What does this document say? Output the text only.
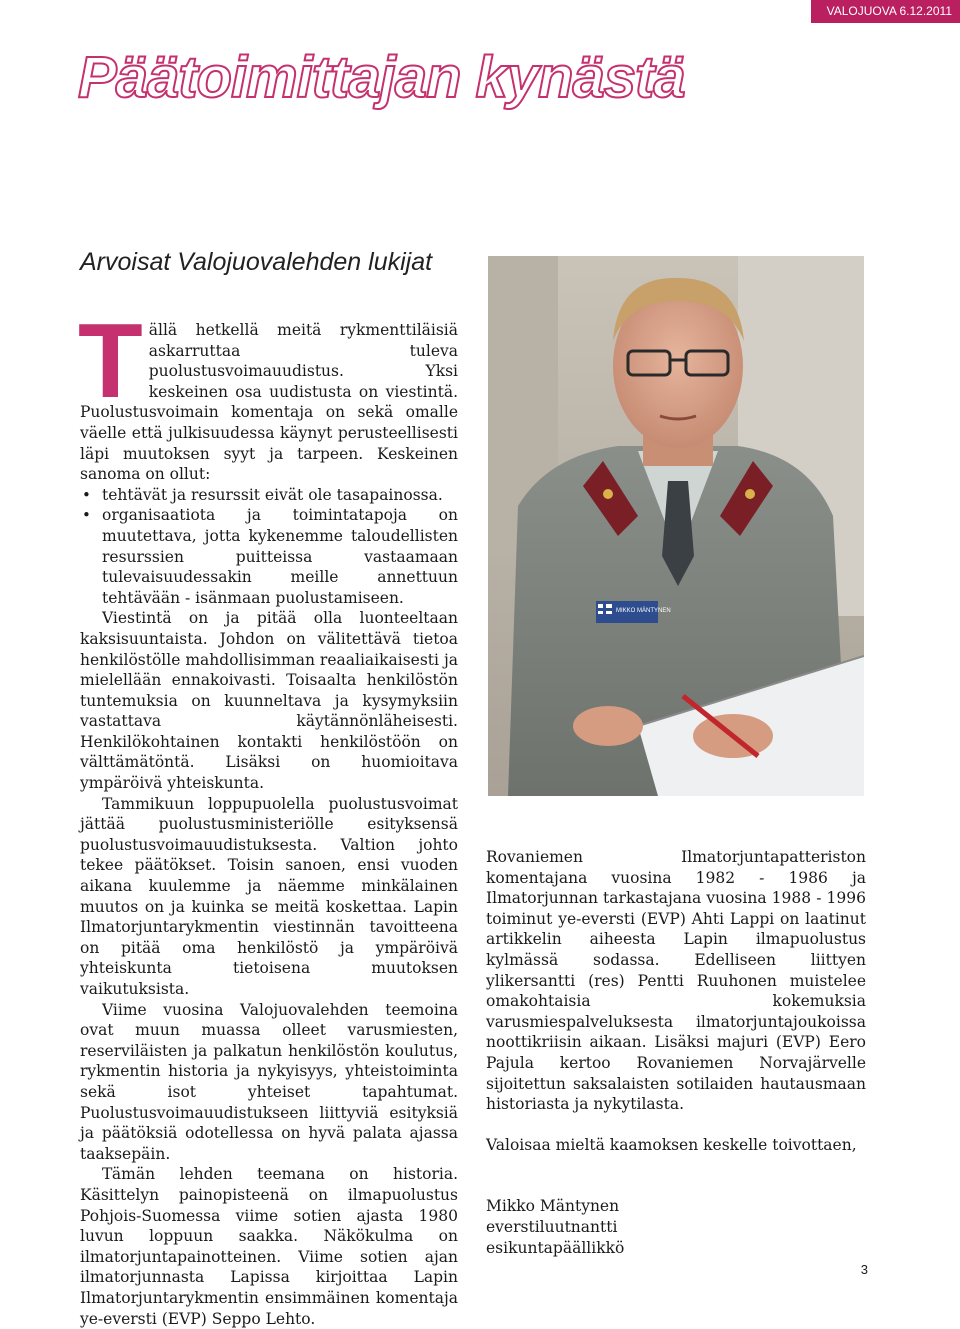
VALOJUOVA 6.12.2011
Päätoimittajan kynästä
Arvoisat Valojuovalehden lukijat

Tällä hetkellä meitä rykmenttiläisiä askarruttaa tuleva puolustusvoimauudistus. Yksi keskeinen osa uudistusta on viestintä. Puolustusvoimain komentaja on sekä omalle väelle että julkisuudessa käynyt perusteellisesti läpi muutoksen syyt ja tarpeen. Keskeinen sanoma on ollut:

• tehtävät ja resurssit eivät ole tasapainossa.

• organisaatiota ja toimintatapoja on muutettava, jotta kykenemme taloudellisten resurssien puitteissa vastaamaan tulevaisuudessakin meille annettuun tehtävään - isänmaan puolustamiseen.

Viestintä on ja pitää olla luonteeltaan kaksisuuntaista. Johdon on välitettävä tietoa henkilöstölle mahdollisimman reaaliaikaisesti ja mielellään ennakoivasti. Toisaalta henkilöstön tuntemuksia on kuunneltava ja kysymyksiin vastattava käytännönläheisesti. Henkilökohtainen kontakti henkilöstöön on välttämätöntä. Lisäksi on huomioitava ympäröivä yhteiskunta.

Tammikuun loppupuolella puolustusvoimat jättää puolustusministeriölle esityksensä puolustusvoimauudistuksesta. Valtion johto tekee päätökset. Toisin sanoen, ensi vuoden aikana kuulemme ja näemme minkälainen muutos on ja kuinka se meitä koskettaa. Lapin Ilmatorjuntarykmentin viestinnän tavoitteena on pitää oma henkilöstö ja ympäröivä yhteiskunta tietoisena muutoksen vaikutuksista.

Viime vuosina Valojuovalehden teemoina ovat muun muassa olleet varusmiesten, reserviläisten ja palkatun henkilöstön koulutus, rykmentin historia ja nykyisyys, yhteistoiminta sekä isot yhteiset tapahtumat. Puolustusvoimauudistukseen liittyviä esityksiä ja päätöksiä odotellessa on hyvä palata ajassa taaksepäin.

Tämän lehden teemana on historia. Käsittelyn painopisteenä on ilmapuolustus Pohjois-Suomessa viime sotien ajasta 1980 luvun loppuun saakka. Näkökulma on ilmatorjuntapainotteinen. Viime sotien ajan ilmatorjunnasta Lapissa kirjoittaa Lapin Ilmatorjuntarykmentin ensimmäinen komentaja ye-eversti (EVP) Seppo Lehto.

MIKKO MÄNTYNEN

Rovaniemen Ilmatorjuntapatteriston komentajana vuosina 1982 - 1986 ja Ilmatorjunnan tarkastajana vuosina 1988 - 1996 toiminut ye-eversti (EVP) Ahti Lappi on laatinut artikkelin aiheesta Lapin ilmapuolustus kylmässä sodassa. Edelliseen liittyen ylikersantti (res) Pentti Ruuhonen muistelee omakohtaisia kokemuksia varusmiespalveluksesta ilmatorjuntajoukoissa noottikriisin aikaan. Lisäksi majuri (EVP) Eero Pajula kertoo Rovaniemen Norvajärvelle sijoitettun saksalaisten sotilaiden hautausmaan historiasta ja nykytilasta.

Valoisaa mieltä kaamoksen keskelle toivottaen,

Mikko Mäntynen

everstiluutnantti

esikuntapäällikkö

3
